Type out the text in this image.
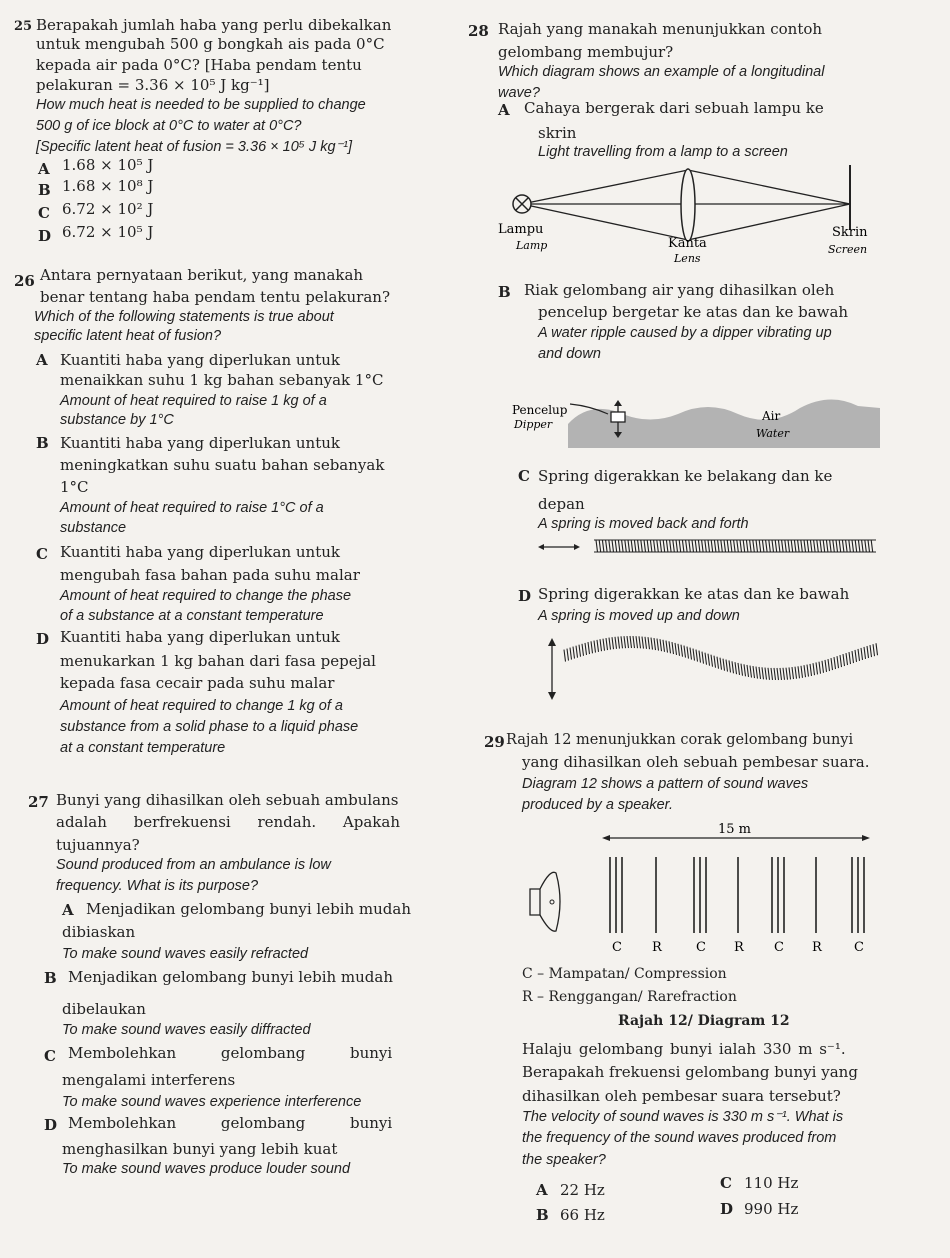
25 Berapakah jumlah haba yang perlu dibekalkan
untuk mengubah 500 g bongkah ais pada 0°C
kepada air pada 0°C? [Haba pendam tentu
pelakuran = 3.36 × 10⁵ J kg⁻¹]
How much heat is needed to be supplied to change
500 g of ice block at 0°C to water at 0°C?
[Specific latent heat of fusion = 3.36 × 10⁵ J kg⁻¹]
A 1.68 × 10⁵ J
B 1.68 × 10⁸ J
C 6.72 × 10² J
D 6.72 × 10⁵ J
26 Antara pernyataan berikut, yang manakah
benar tentang haba pendam tentu pelakuran?
Which of the following statements is true about
specific latent heat of fusion?
A Kuantiti haba yang diperlukan untuk
menaikkan suhu 1 kg bahan sebanyak 1°C
Amount of heat required to raise 1 kg of a
substance by 1°C
B Kuantiti haba yang diperlukan untuk
meningkatkan suhu suatu bahan sebanyak
1°C
Amount of heat required to raise 1°C of a
substance
C Kuantiti haba yang diperlukan untuk
mengubah fasa bahan pada suhu malar
Amount of heat required to change the phase
of a substance at a constant temperature
D Kuantiti haba yang diperlukan untuk
menukarkan 1 kg bahan dari fasa pepejal
kepada fasa cecair pada suhu malar
Amount of heat required to change 1 kg of a
substance from a solid phase to a liquid phase
at a constant temperature
27 Bunyi yang dihasilkan oleh sebuah ambulans
adalah berfrekuensi rendah. Apakah
tujuannya?
Sound produced from an ambulance is low
frequency. What is its purpose?
A Menjadikan gelombang bunyi lebih mudah
dibiaskan
To make sound waves easily refracted
B Menjadikan gelombang bunyi lebih mudah
dibelaukan
To make sound waves easily diffracted
C Membolehkan gelombang bunyi
mengalami interferens
To make sound waves experience interference
D Membolehkan gelombang bunyi
menghasilkan bunyi yang lebih kuat
To make sound waves produce louder sound
28 Rajah yang manakah menunjukkan contoh
gelombang membujur?
Which diagram shows an example of a longitudinal
wave?
A Cahaya bergerak dari sebuah lampu ke
skrin
Light travelling from a lamp to a screen
Lampu
Lamp	Kanta
Lens
Skrin
Screen
B Riak gelombang air yang dihasilkan oleh
pencelup bergetar ke atas dan ke bawah
A water ripple caused by a dipper vibrating up
and down
Pencelup
Dipper
Air
Water
C Spring digerakkan ke belakang dan ke
depan
A spring is moved back and forth
D Spring digerakkan ke atas dan ke bawah
A spring is moved up and down
29 Rajah 12 menunjukkan corak gelombang bunyi
yang dihasilkan oleh sebuah pembesar suara.
Diagram 12 shows a pattern of sound waves
produced by a speaker.
15 m
C R	C R C R C
C – Mampatan/ Compression
R – Renggangan/ Rarefraction
Rajah 12/ Diagram 12
Halaju gelombang bunyi ialah 330 m s⁻¹.
Berapakah frekuensi gelombang bunyi yang
dihasilkan oleh pembesar suara tersebut?
The velocity of sound waves is 330 m s⁻¹. What is
the frequency of the sound waves produced from
the speaker?
A 22 Hz
B 66 Hz
C 110 Hz
D 990 Hz
